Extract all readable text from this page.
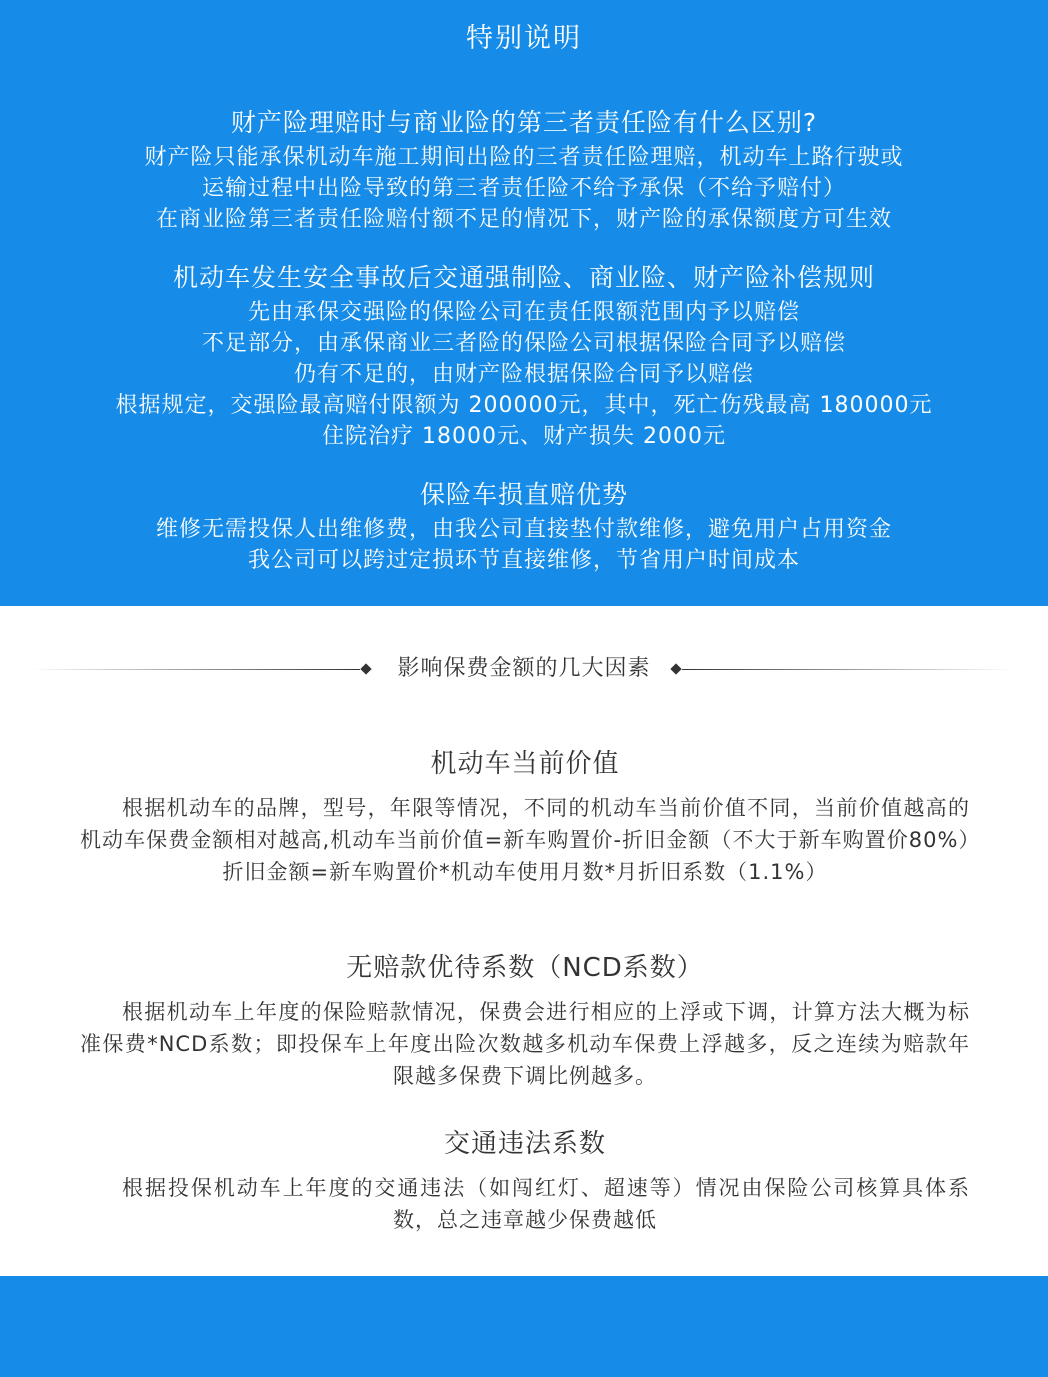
特别说明
财产险理赔时与商业险的第三者责任险有什么区别?
财产险只能承保机动车施工期间出险的三者责任险理赔，机动车上路行驶或
运输过程中出险导致的第三者责任险不给予承保（不给予赔付）
在商业险第三者责任险赔付额不足的情况下，财产险的承保额度方可生效
机动车发生安全事故后交通强制险、商业险、财产险补偿规则
先由承保交强险的保险公司在责任限额范围内予以赔偿
不足部分，由承保商业三者险的保险公司根据保险合同予以赔偿
仍有不足的，由财产险根据保险合同予以赔偿
根据规定，交强险最高赔付限额为 200000元，其中，死亡伤残最高 180000元
住院治疗 18000元、财产损失 2000元
保险车损直赔优势
维修无需投保人出维修费，由我公司直接垫付款维修，避免用户占用资金
我公司可以跨过定损环节直接维修，节省用户时间成本
影响保费金额的几大因素
机动车当前价值

根据机动车的品牌，型号，年限等情况，不同的机动车当前价值不同，当前价值越高的机动车保费金额相对越高,机动车当前价值=新车购置价-折旧金额（不大于新车购置价80%）折旧金额=新车购置价*机动车使用月数*月折旧系数（1.1%）

无赔款优待系数（NCD系数）

根据机动车上年度的保险赔款情况，保费会进行相应的上浮或下调，计算方法大概为标准保费*NCD系数；即投保车上年度出险次数越多机动车保费上浮越多，反之连续为赔款年限越多保费下调比例越多。

交通违法系数

根据投保机动车上年度的交通违法（如闯红灯、超速等）情况由保险公司核算具体系数，总之违章越少保费越低
